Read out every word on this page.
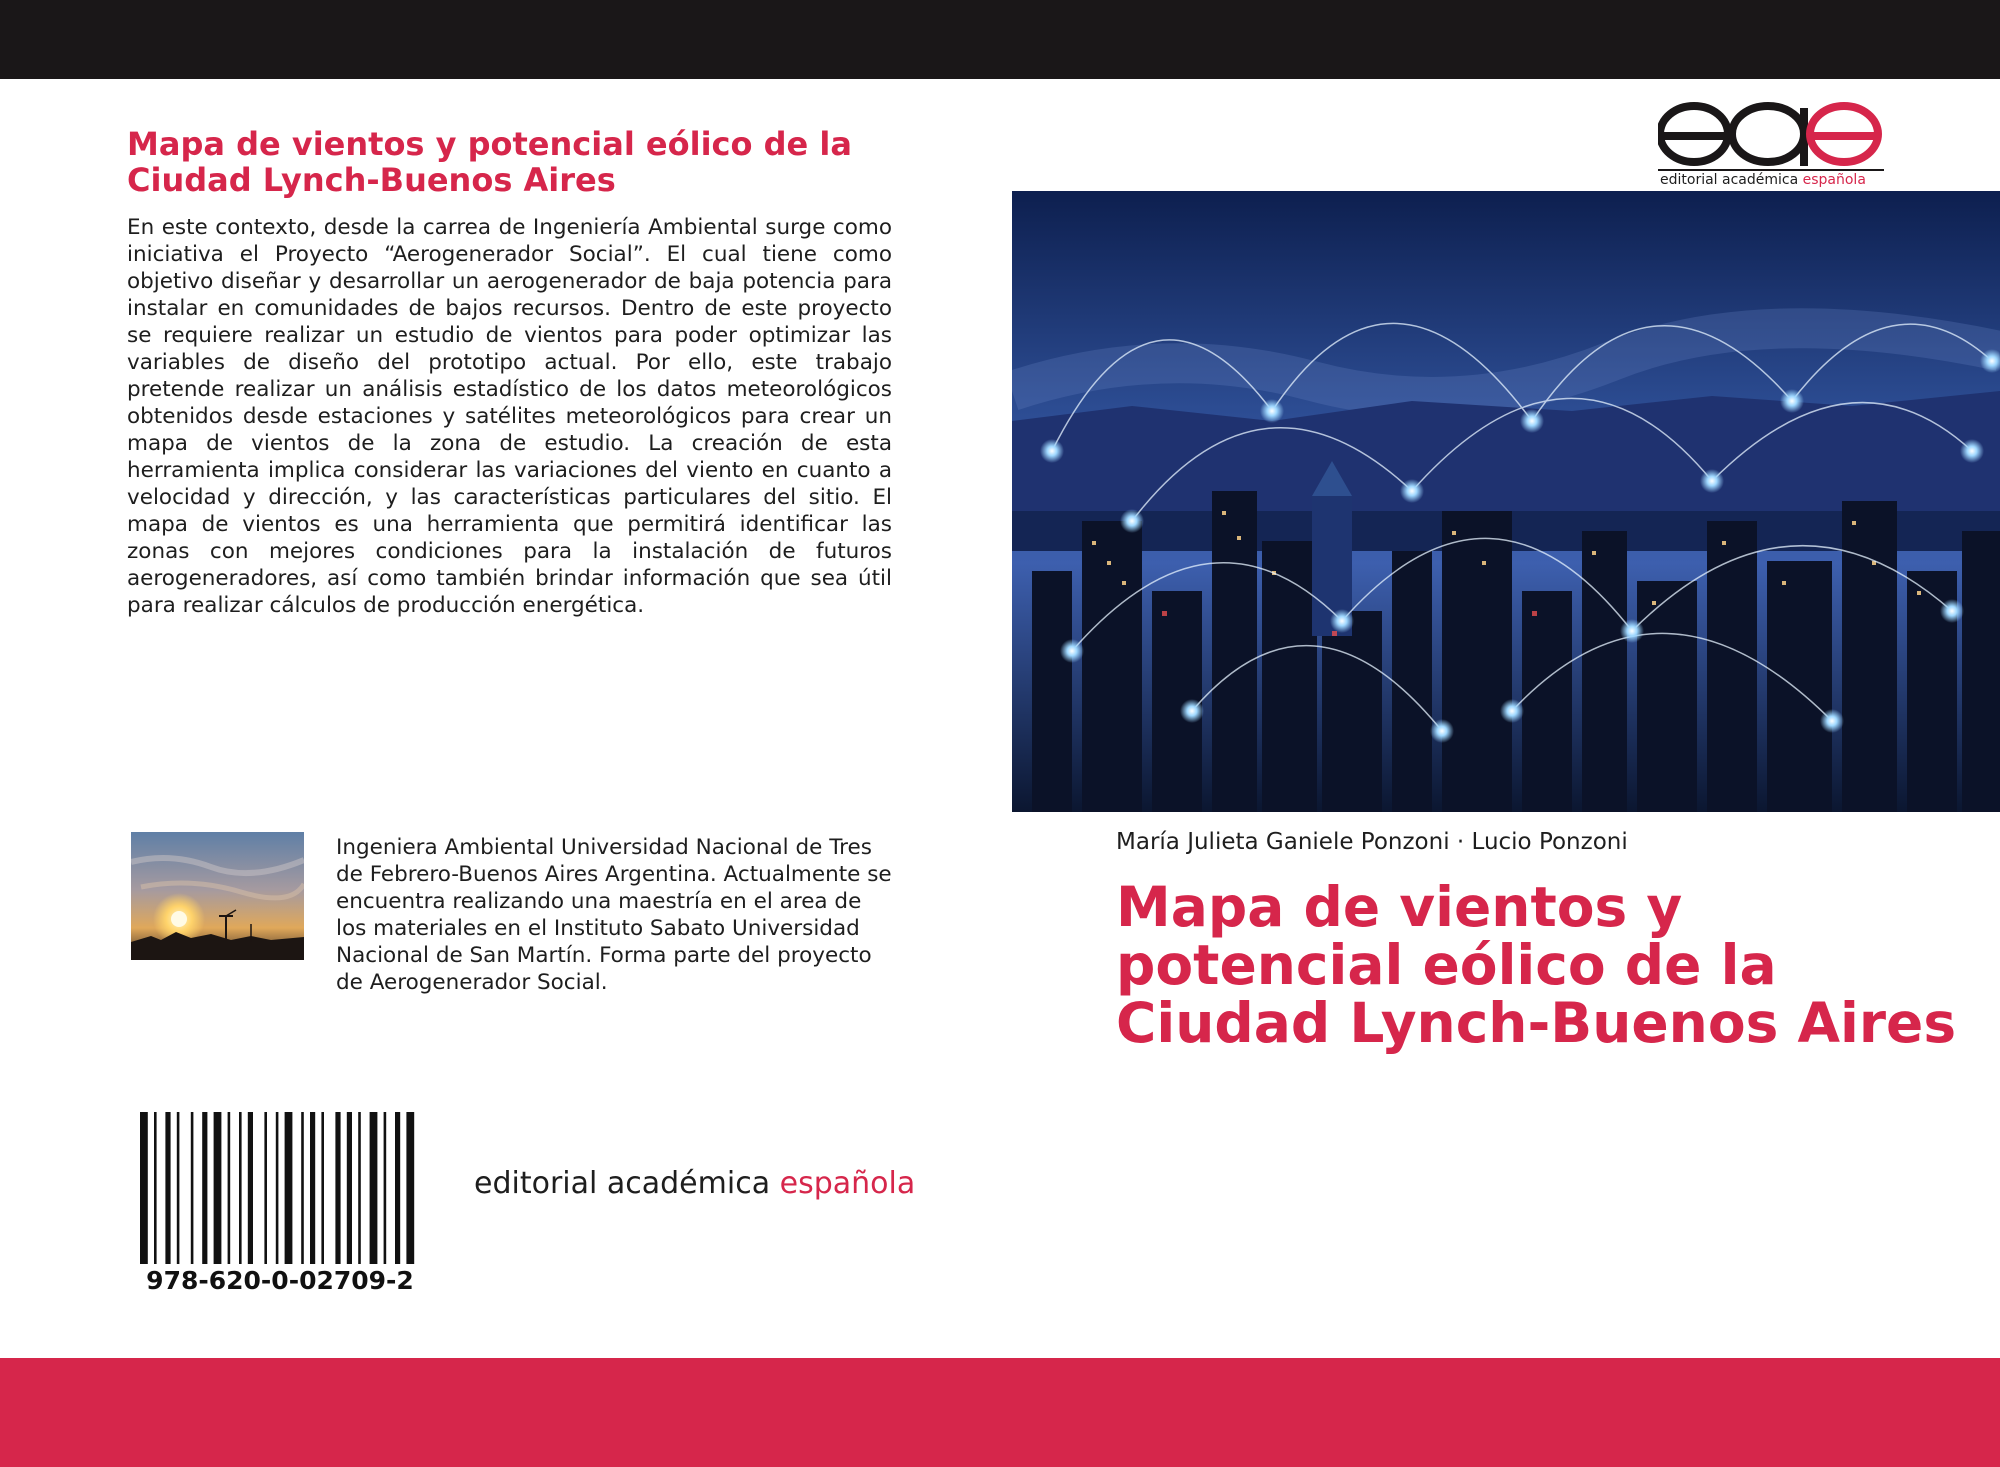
Mapa de vientos y potencial eólico de la Ciudad Lynch-Buenos Aires
En este contexto, desde la carrea de Ingeniería Ambiental surge como iniciativa el Proyecto “Aerogenerador Social”. El cual tiene como objetivo diseñar y desarrollar un aerogenerador de baja potencia para instalar en comunidades de bajos recursos. Dentro de este proyecto se requiere realizar un estudio de vientos para poder optimizar las variables de diseño del prototipo actual. Por ello, este trabajo pretende realizar un análisis estadístico de los datos meteorológicos obtenidos desde estaciones y satélites meteorológicos para crear un mapa de vientos de la zona de estudio. La creación de esta herramienta implica considerar las variaciones del viento en cuanto a velocidad y dirección, y las características particulares del sitio. El mapa de vientos es una herramienta que permitirá identificar las zonas con mejores condiciones para la instalación de futuros aerogeneradores, así como también brindar información que sea útil para realizar cálculos de producción energética.
Ingeniera Ambiental Universidad Nacional de Tres de Febrero-Buenos Aires Argentina. Actualmente se encuentra realizando una maestría en el area de los materiales en el Instituto Sabato Universidad Nacional de San Martín. Forma parte del proyecto de Aerogenerador Social.
978-620-0-02709-2
editorial académica española
editorial académica española
María Julieta Ganiele Ponzoni · Lucio Ponzoni
Mapa de vientos y potencial eólico de la Ciudad Lynch-Buenos Aires
